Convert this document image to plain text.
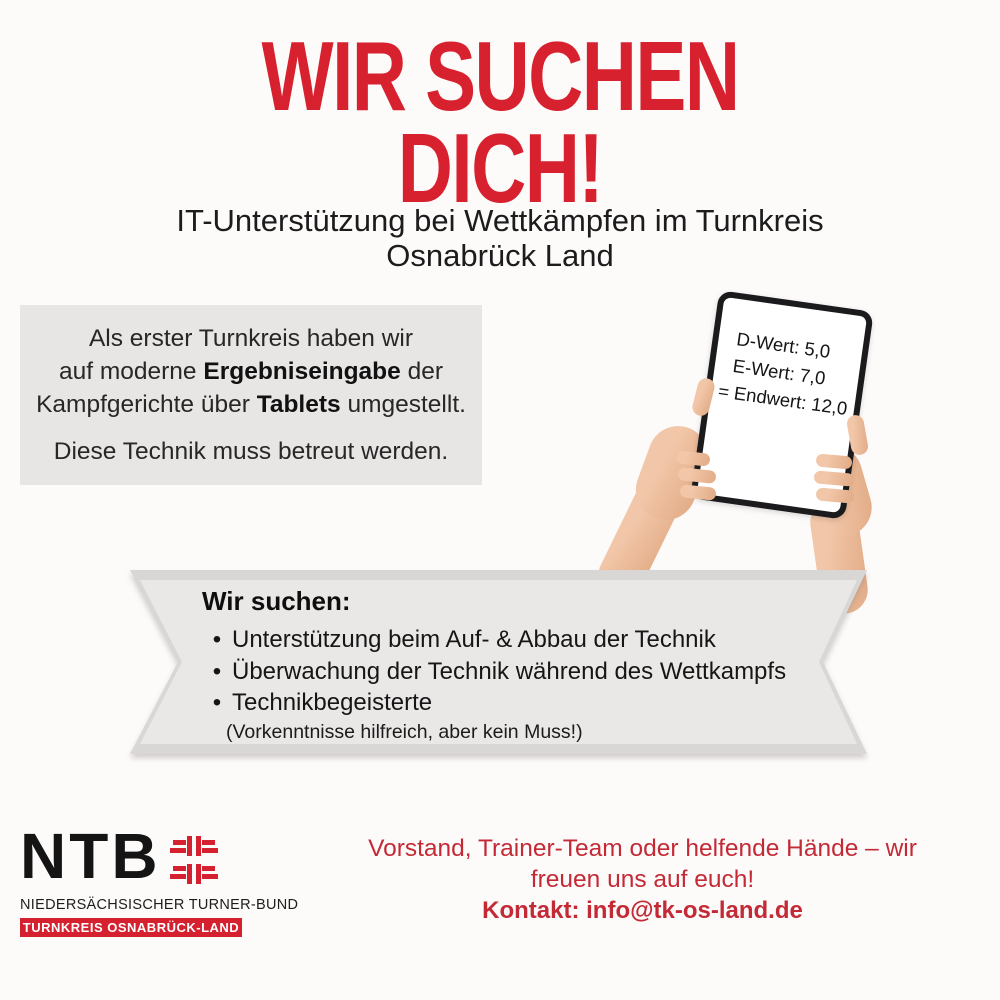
WIR SUCHEN
DICH!
IT-Unterstützung bei Wettkämpfen im Turnkreis
Osnabrück Land
Als erster Turnkreis haben wir
auf moderne Ergebniseingabe der
Kampfgerichte über Tablets umgestellt.
Diese Technik muss betreut werden.
D-Wert: 5,0
E-Wert: 7,0
= Endwert: 12,0
Wir suchen:
• Unterstützung beim Auf- & Abbau der Technik
• Überwachung der Technik während des Wettkampfs
• Technikbegeisterte
(Vorkenntnisse hilfreich, aber kein Muss!)
NTB
NIEDERSÄCHSISCHER TURNER-BUND
TURNKREIS OSNABRÜCK-LAND
Vorstand, Trainer-Team oder helfende Hände – wir
freuen uns auf euch!
Kontakt: info@tk-os-land.de
